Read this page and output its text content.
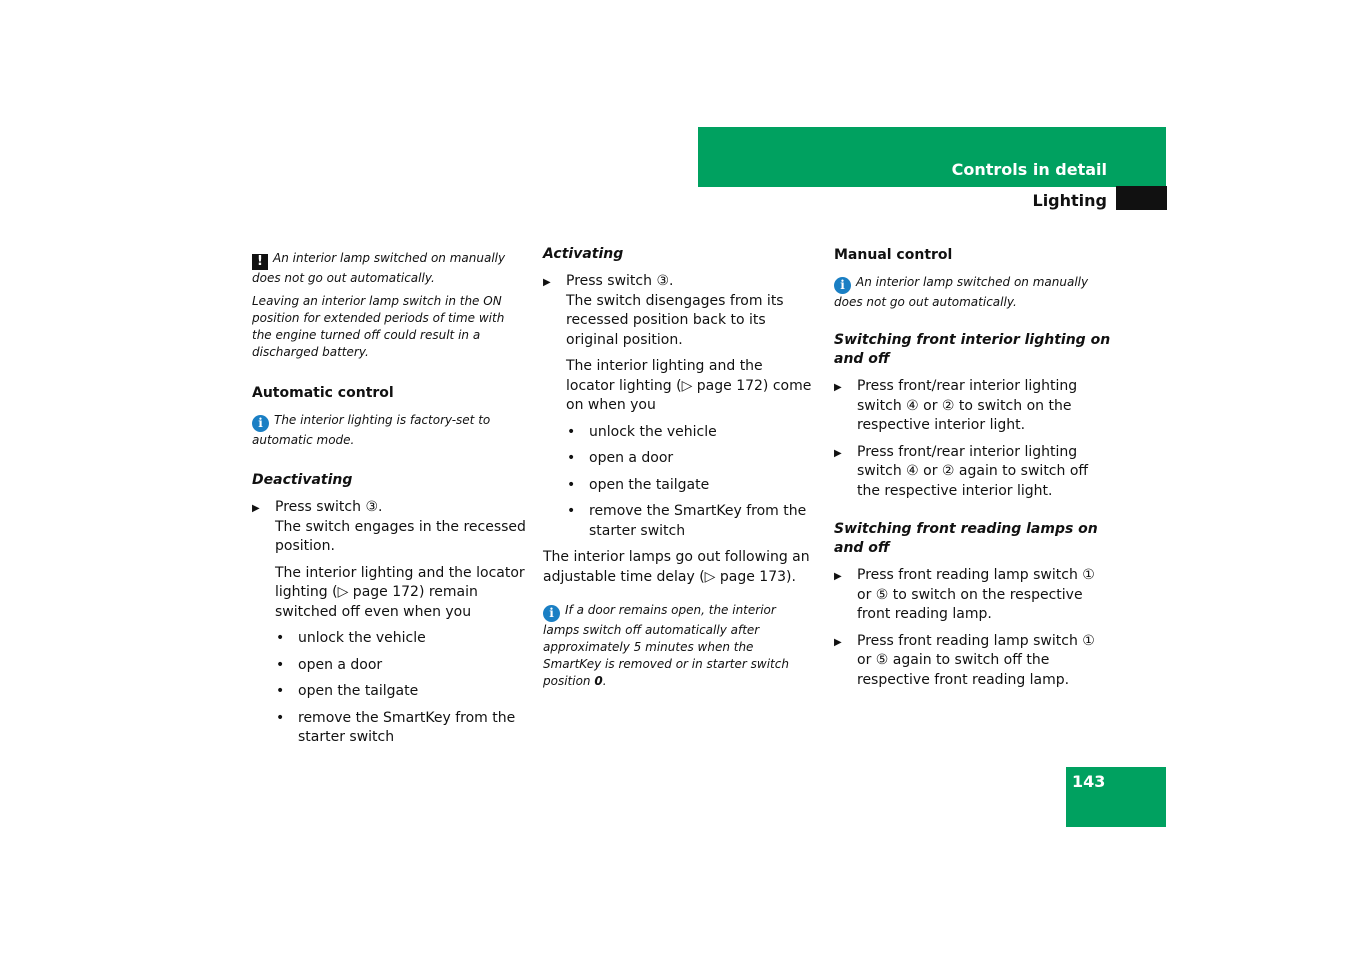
Controls in detail
Lighting

! An interior lamp switched on manually does not go out automatically.

Leaving an interior lamp switch in the ON position for extended periods of time with the engine turned off could result in a discharged battery.

Automatic control

i The interior lighting is factory-set to automatic mode.

Deactivating

▶ Press switch ③.
The switch engages in the recessed position.

The interior lighting and the locator lighting (▷ page 172) remain switched off even when you

• unlock the vehicle

• open a door

• open the tailgate

• remove the SmartKey from the starter switch

Activating

▶ Press switch ③.
The switch disengages from its recessed position back to its original position.

The interior lighting and the locator lighting (▷ page 172) come on when you

• unlock the vehicle

• open a door

• open the tailgate

• remove the SmartKey from the starter switch

The interior lamps go out following an adjustable time delay (▷ page 173).

i If a door remains open, the interior lamps switch off automatically after approximately 5 minutes when the SmartKey is removed or in starter switch position 0.

Manual control

i An interior lamp switched on manually does not go out automatically.

Switching front interior lighting on and off

▶ Press front/rear interior lighting switch ④ or ② to switch on the respective interior light.

▶ Press front/rear interior lighting switch ④ or ② again to switch off the respective interior light.

Switching front reading lamps on and off

▶ Press front reading lamp switch ① or ⑤ to switch on the respective front reading lamp.

▶ Press front reading lamp switch ① or ⑤ again to switch off the respective front reading lamp.

143
